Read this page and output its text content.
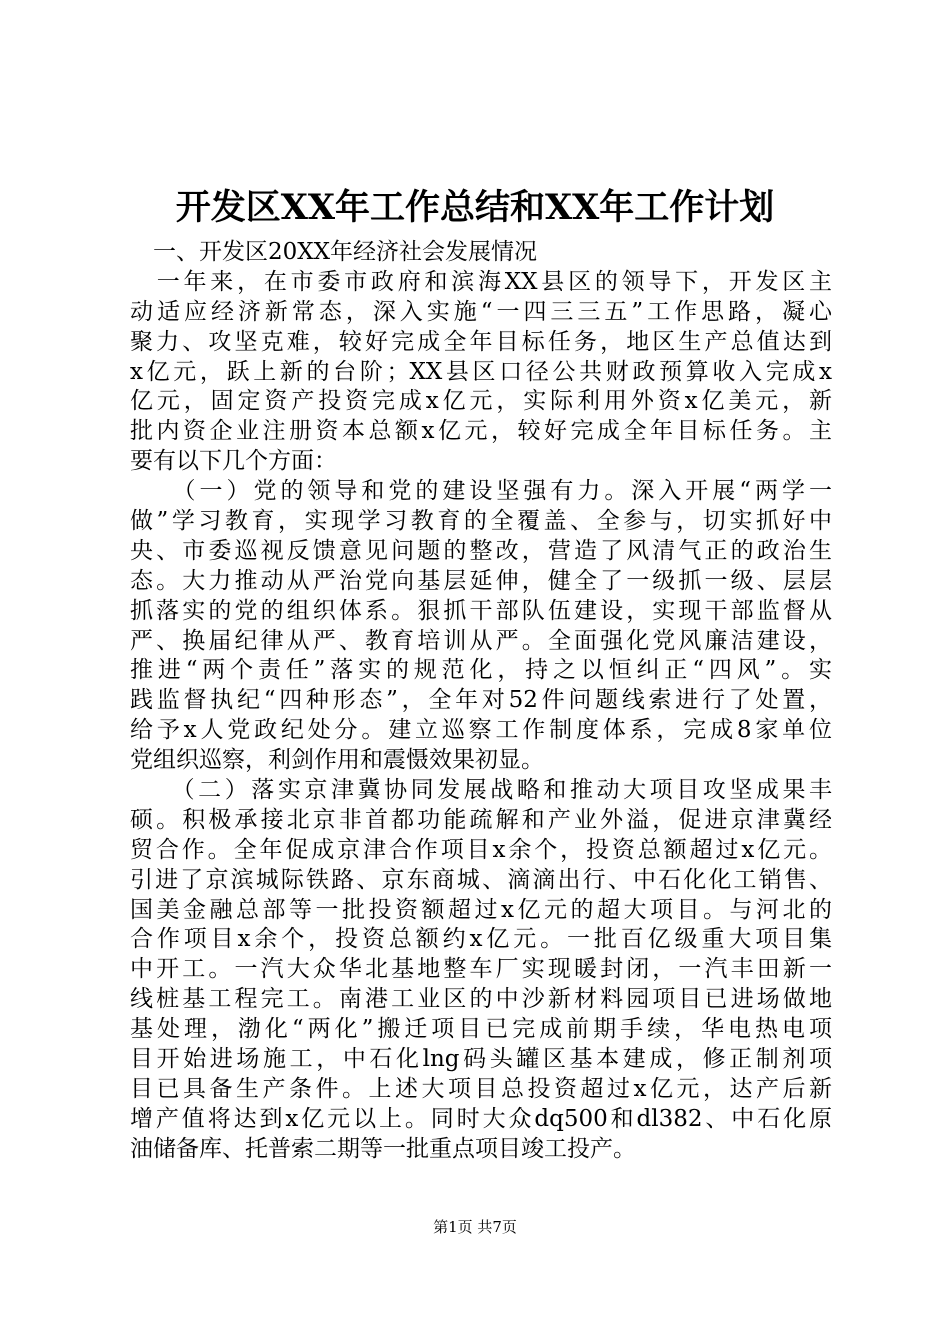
开发区XX年工作总结和XX年工作计划
　一、开发区20XX年经济社会发展情况
　一年来，在市委市政府和滨海XX县区的领导下，开发区主
动适应经济新常态，深入实施“一四三三五”工作思路，凝心
聚力、攻坚克难，较好完成全年目标任务，地区生产总值达到
x亿元，跃上新的台阶；XX县区口径公共财政预算收入完成x
亿元，固定资产投资完成x亿元，实际利用外资x亿美元，新
批内资企业注册资本总额x亿元，较好完成全年目标任务。主
要有以下几个方面：
　　（一）党的领导和党的建设坚强有力。深入开展“两学一
做”学习教育，实现学习教育的全覆盖、全参与，切实抓好中
央、市委巡视反馈意见问题的整改，营造了风清气正的政治生
态。大力推动从严治党向基层延伸，健全了一级抓一级、层层
抓落实的党的组织体系。狠抓干部队伍建设，实现干部监督从
严、换届纪律从严、教育培训从严。全面强化党风廉洁建设，
推进“两个责任”落实的规范化，持之以恒纠正“四风”。实
践监督执纪“四种形态”，全年对52件问题线索进行了处置，
给予x人党政纪处分。建立巡察工作制度体系，完成8家单位
党组织巡察，利剑作用和震慑效果初显。
　　（二）落实京津冀协同发展战略和推动大项目攻坚成果丰
硕。积极承接北京非首都功能疏解和产业外溢，促进京津冀经
贸合作。全年促成京津合作项目x余个，投资总额超过x亿元。
引进了京滨城际铁路、京东商城、滴滴出行、中石化化工销售、
国美金融总部等一批投资额超过x亿元的超大项目。与河北的
合作项目x余个，投资总额约x亿元。一批百亿级重大项目集
中开工。一汽大众华北基地整车厂实现暖封闭，一汽丰田新一
线桩基工程完工。南港工业区的中沙新材料园项目已进场做地
基处理，渤化“两化”搬迁项目已完成前期手续，华电热电项
目开始进场施工，中石化lng码头罐区基本建成，修正制剂项
目已具备生产条件。上述大项目总投资超过x亿元，达产后新
增产值将达到x亿元以上。同时大众dq500和dl382、中石化原
油储备库、托普索二期等一批重点项目竣工投产。
第1页 共7页
